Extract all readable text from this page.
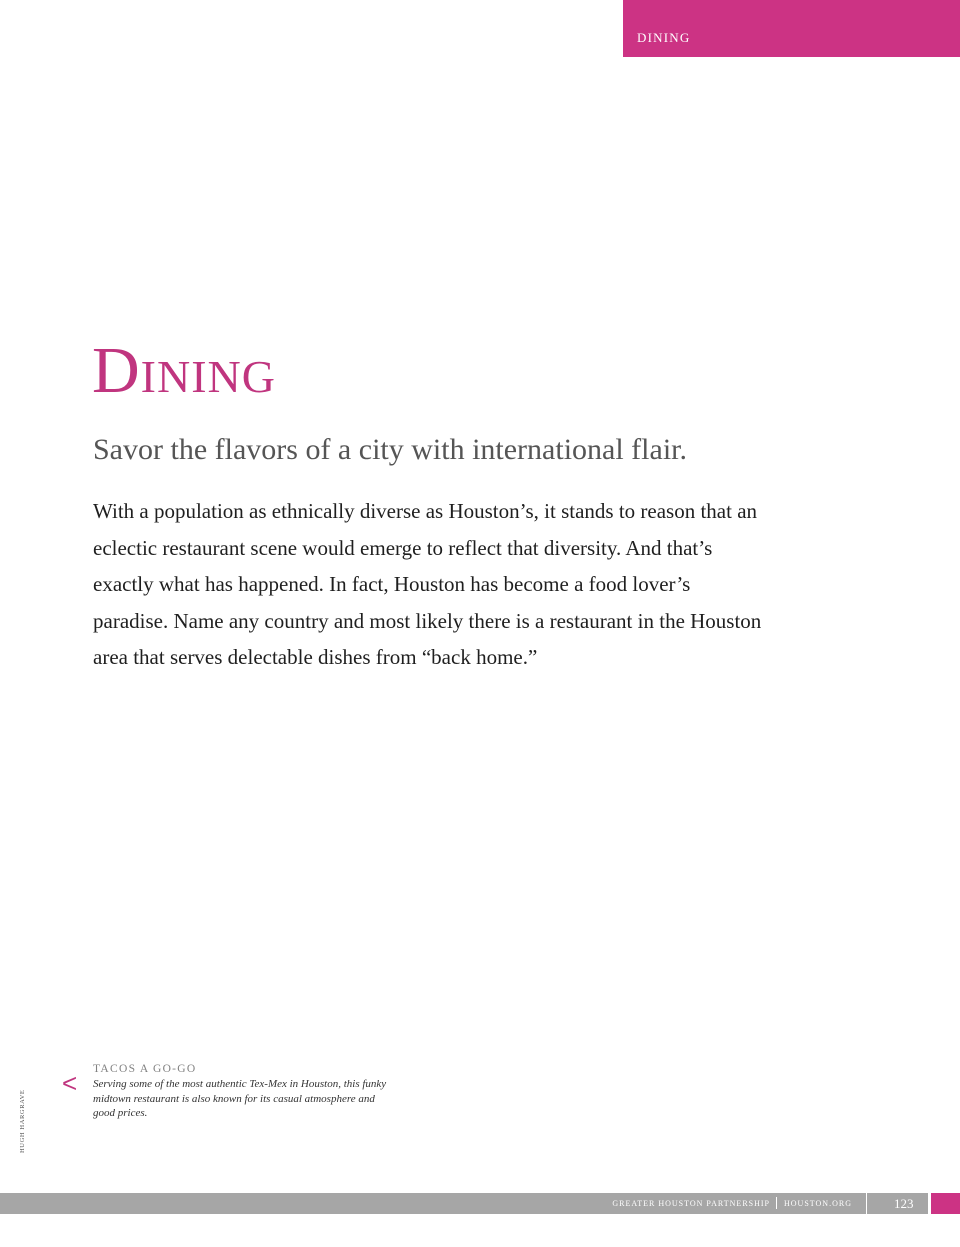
DINING
Dining
Savor the flavors of a city with international flair.

With a population as ethnically diverse as Houston’s, it stands to reason that an eclectic restaurant scene would emerge to reflect that diversity. And that’s exactly what has happened. In fact, Houston has become a food lover’s paradise. Name any country and most likely there is a restaurant in the Houston area that serves delectable dishes from “back home.”

< TACOS A GO-GO
Serving some of the most authentic Tex-Mex in Houston, this funky midtown restaurant is also known for its casual atmosphere and good prices.
HUGH HARGRAVE
GREATER HOUSTON PARTNERSHIP HOUSTON.ORG	123
